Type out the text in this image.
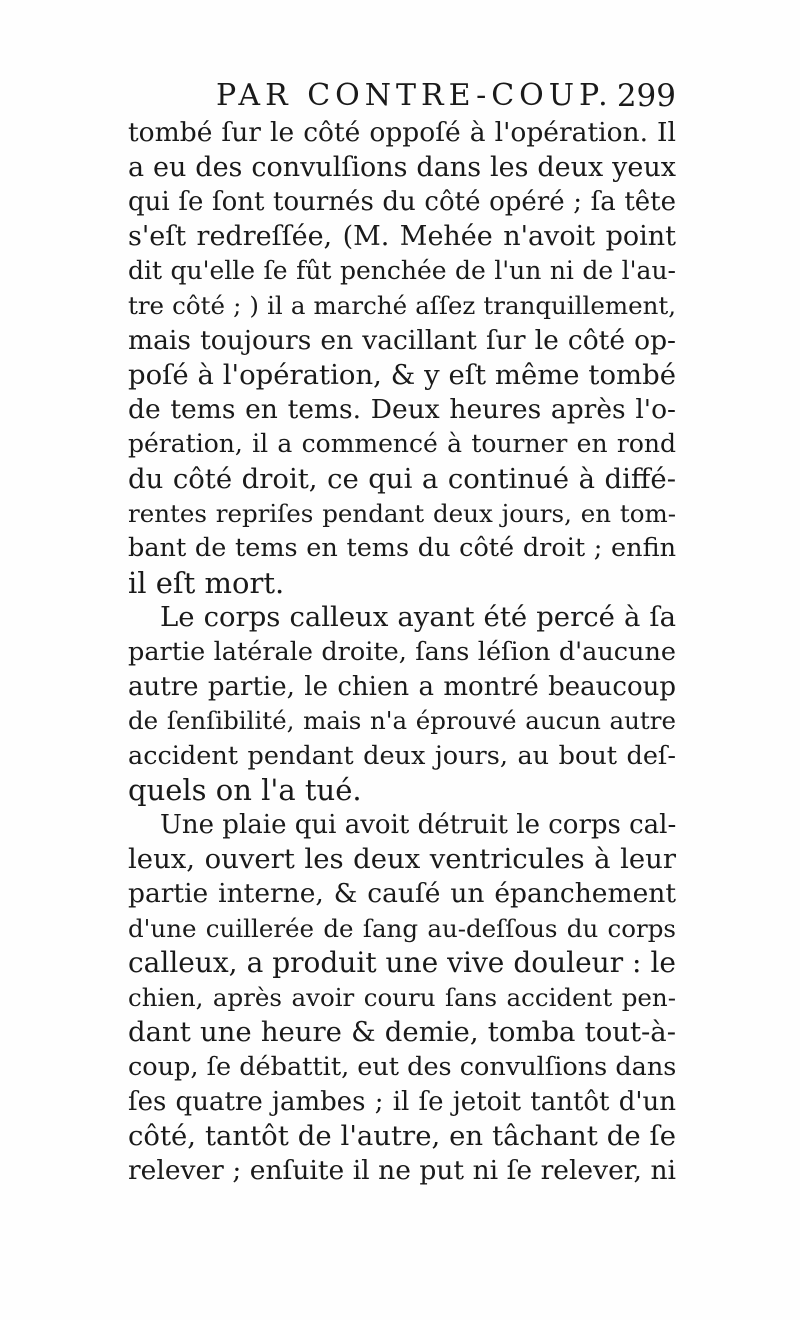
PAR CONTRE-COUP. 299
tombé ſur le côté oppoſé à l'opération. Il
a eu des convulſions dans les deux yeux
qui ſe ſont tournés du côté opéré ; ſa tête
s'eſt redreſſée, (M. Mehée n'avoit point
dit qu'elle ſe fût penchée de l'un ni de l'au-
tre côté ; ) il a marché aſſez tranquillement,
mais toujours en vacillant ſur le côté op-
poſé à l'opération, & y eſt même tombé
de tems en tems. Deux heures après l'o-
pération, il a commencé à tourner en rond
du côté droit, ce qui a continué à diffé-
rentes repriſes pendant deux jours, en tom-
bant de tems en tems du côté droit ; enfin
il eſt mort.
Le corps calleux ayant été percé à ſa
partie latérale droite, ſans léſion d'aucune
autre partie, le chien a montré beaucoup
de ſenſibilité, mais n'a éprouvé aucun autre
accident pendant deux jours, au bout deſ-
quels on l'a tué.
Une plaie qui avoit détruit le corps cal-
leux, ouvert les deux ventricules à leur
partie interne, & cauſé un épanchement
d'une cuillerée de ſang au-deſſous du corps
calleux, a produit une vive douleur : le
chien, après avoir couru ſans accident pen-
dant une heure & demie, tomba tout-à-
coup, ſe débattit, eut des convulſions dans
ſes quatre jambes ; il ſe jetoit tantôt d'un
côté, tantôt de l'autre, en tâchant de ſe
relever ; enſuite il ne put ni ſe relever, ni
